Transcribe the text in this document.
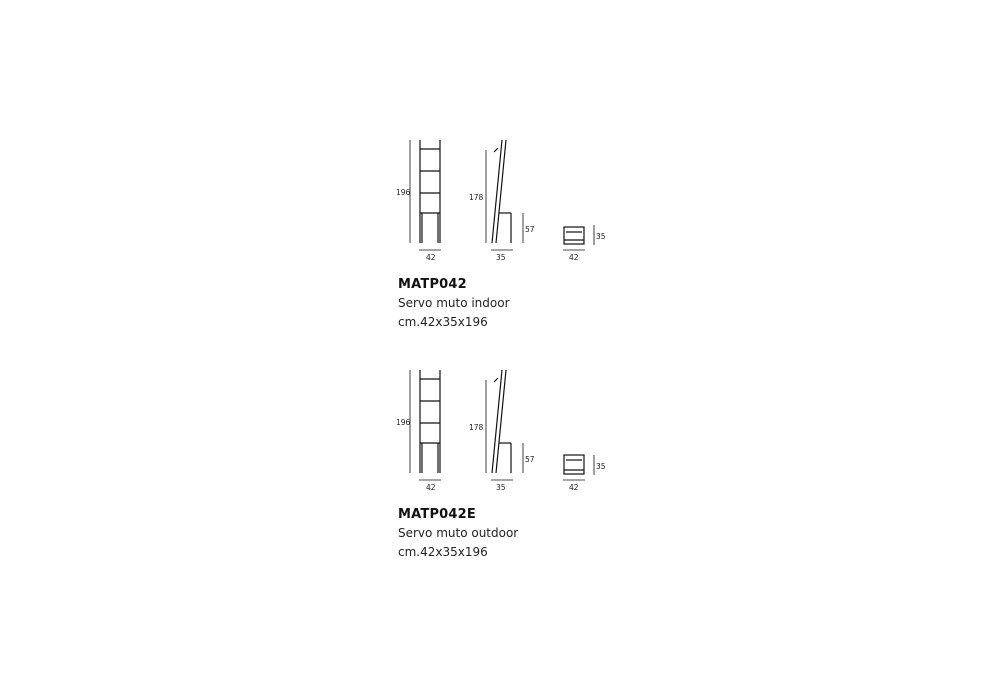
196
42
178
57
35
35
42
MATP042
Servo muto indoor
cm.42x35x196
196
42
178
57
35
35
42
MATP042E
Servo muto outdoor
cm.42x35x196
